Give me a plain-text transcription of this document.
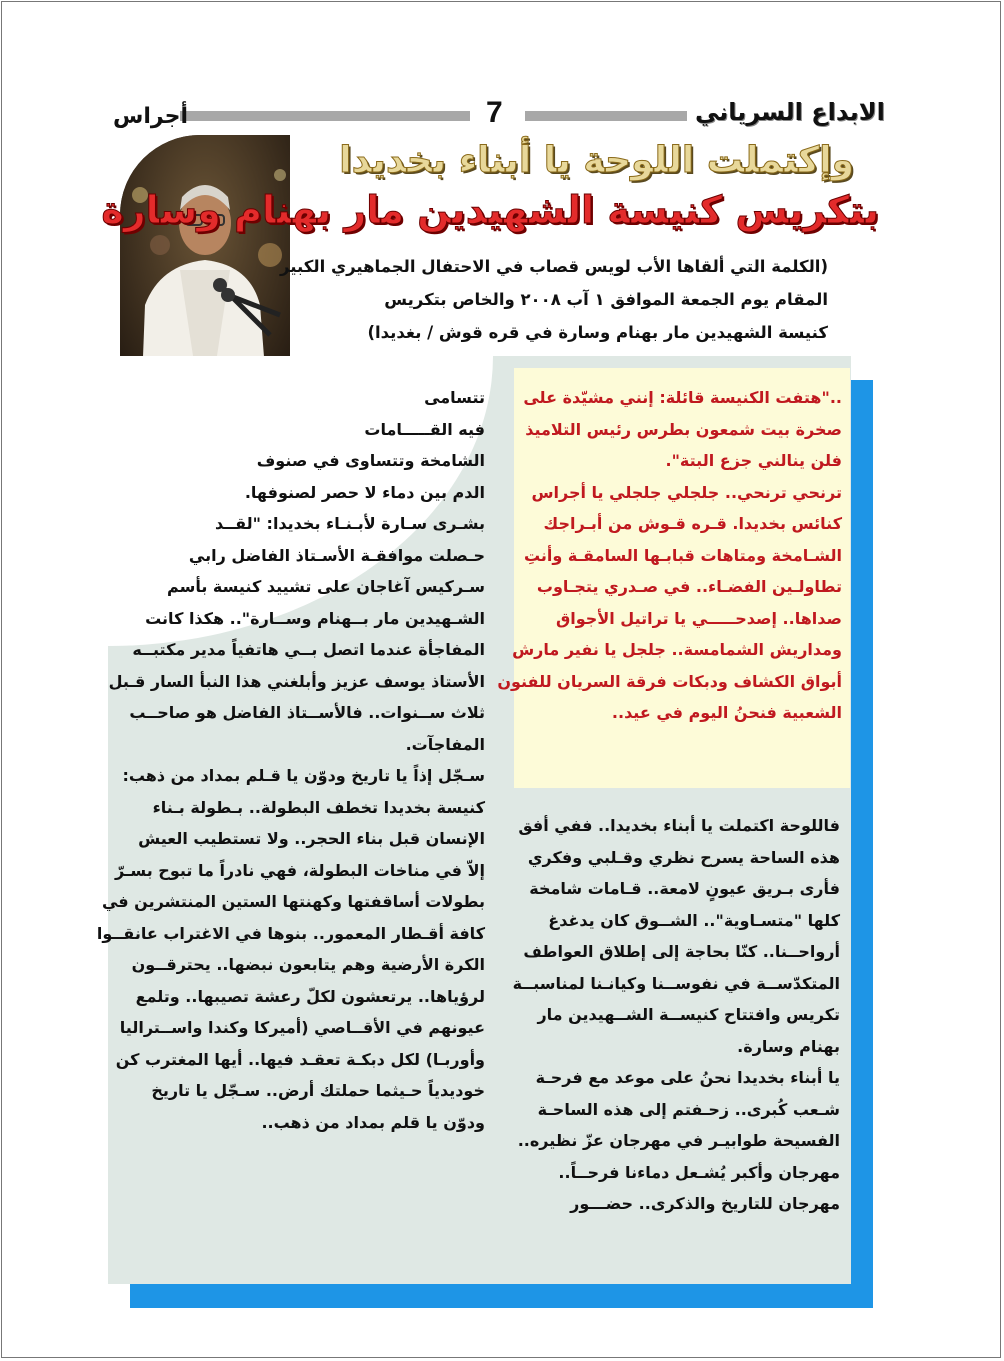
أجراس	7	الابداع السرياني
وإكتملت اللوحة يا أبناء بخديدا
بتكريس كنيسة الشهيدين مار بهنام وسارة
(الكلمة التي ألقاها الأب لويس قصاب في الاحتفال الجماهيري الكبير
المقام يوم الجمعة الموافق ١ آب ٢٠٠٨ والخاص بتكريس
كنيسة الشهيدين مار بهنام وسارة في قره قوش / بغديدا)
.."هتفت الكنيسة قائلة: إنني مشيّدة على
صخرة بيت شمعون بطرس رئيس التلاميذ
فلن ينالني جزع البتة".
ترنحي ترنحي.. جلجلي جلجلي يا أجراس
كنائس بخديدا. قـره قـوش من أبـراجك
الشـامخة ومتاهات قبابـها السامقـة وأنتِ
تطاولـين الفضـاء.. في صـدري يتجـاوب
صداها.. إصدحـــــي يا تراتيل الأجواق
ومداريش الشمامسة.. جلجل يا نفير مارش
أبواق الكشاف ودبكات فرقة السريان للفنون
الشعبية فنحنُ اليوم في عيد..
فاللوحة اكتملت يا أبناء بخديدا.. ففي أفق
هذه الساحة يسرح نظري وقـلبي وفكري
فأرى بـريق عيونٍ لامعة.. قـامات شامخة
كلها "متسـاوية".. الشــوق كان يدغدغ
أرواحــنا.. كنّا بحاجة إلى إطلاق العواطف
المتكدّســة في نفوســنا وكيانـنا لمناسبــة
تكريس وافتتاح كنيســة الشــهيدين مار
بهنام وسارة.
يا أبناء بخديدا نحنُ على موعد مع فرحـة
شـعب كُبرى.. زحـفتم إلى هذه الساحـة
الفسيحة طوابيـر في مهرجان عزّ نظيره..
مهرجان وأكبر يُشـعل دماءنا فرحــاً..
مهرجان للتاريخ والذكرى.. حضـــور
تتسامى
فيه القـــــامات
الشامخة وتتساوى في صنوف
الدم بين دماء لا حصر لصنوفها.
بشـرى سـارة لأبـنـاء بخديدا: "لقــد
حـصلت موافقـة الأسـتاذ الفاضل رابي
سـركيس آغاجان على تشييد كنيسة بأسم
الشـهيدين مار بــهنام وســارة".. هكذا كانت
المفاجأة عندما اتصل بــي هاتفياً مدير مكتبــه
الأستاذ يوسف عزيز وأبلغني هذا النبأ السار قـبل
ثلاث ســنوات.. فالأســتاذ الفاضل هو صاحــب
المفاجآت.
سـجّل إذاً يا تاريخ ودوّن يا قـلم بمداد من ذهب:
كنيسة بخديدا تخطف البطولة.. بـطولة بـناء
الإنسان قبل بناء الحجر.. ولا تستطيب العيش
إلاّ في مناخات البطولة، فهي نادراً ما تبوح بسـرّ
بطولات أساقفتها وكهنتها الستين المنتشرين في
كافة أقـطار المعمور.. بنوها في الاغتراب عانقــوا
الكرة الأرضية وهم يتابعون نبضها.. يحترقــون
لرؤياها.. يرتعشون لكلّ رعشة تصيبها.. وتلمع
عيونهم في الأقــاصي (أميركا وكندا واســتراليا
وأوربـا) لكل دبكـة تعقـد فيها.. أيها المغترب كن
خوديدياً حـيثما حملتك أرض.. سـجّل يا تاريخ
ودوّن يا قلم بمداد من ذهب..
